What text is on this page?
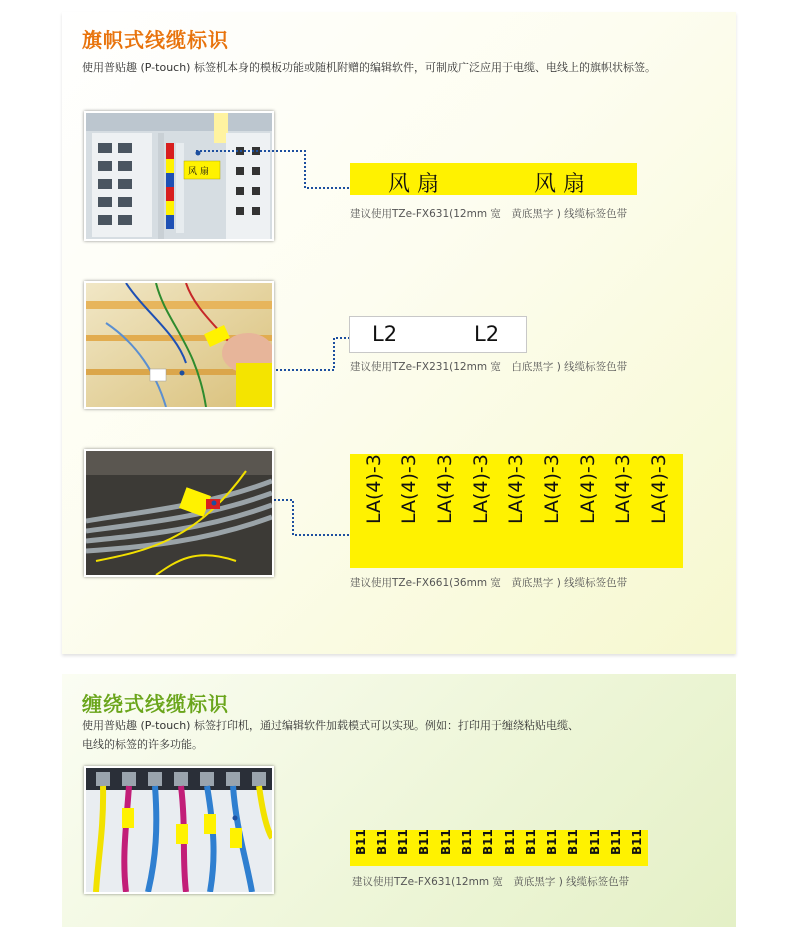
旗帜式线缆标识
使用普贴趣 (P-touch) 标签机本身的模板功能或随机附赠的编辑软件，可制成广泛应用于电缆、电线上的旗帜状标签。
风 扇	风 扇	风 扇
建议使用TZe-FX631(12mm 宽　黄底黑字 ) 线缆标签色带
L2	L2
建议使用TZe-FX231(12mm 宽　白底黑字 ) 线缆标签色带
LA(4)-3 LA(4)-3 LA(4)-3 LA(4)-3 LA(4)-3 LA(4)-3 LA(4)-3 LA(4)-3 LA(4)-3
建议使用TZe-FX661(36mm 宽　黄底黑字 ) 线缆标签色带
缠绕式线缆标识
使用普贴趣 (P-touch) 标签打印机，通过编辑软件加载模式可以实现。例如：打印用于缠绕粘贴电缆、
电线的标签的许多功能。
B11 B11 B11 B11 B11 B11 B11 B11 B11 B11 B11 B11 B11 B11
建议使用TZe-FX631(12mm 宽　黄底黑字 ) 线缆标签色带
